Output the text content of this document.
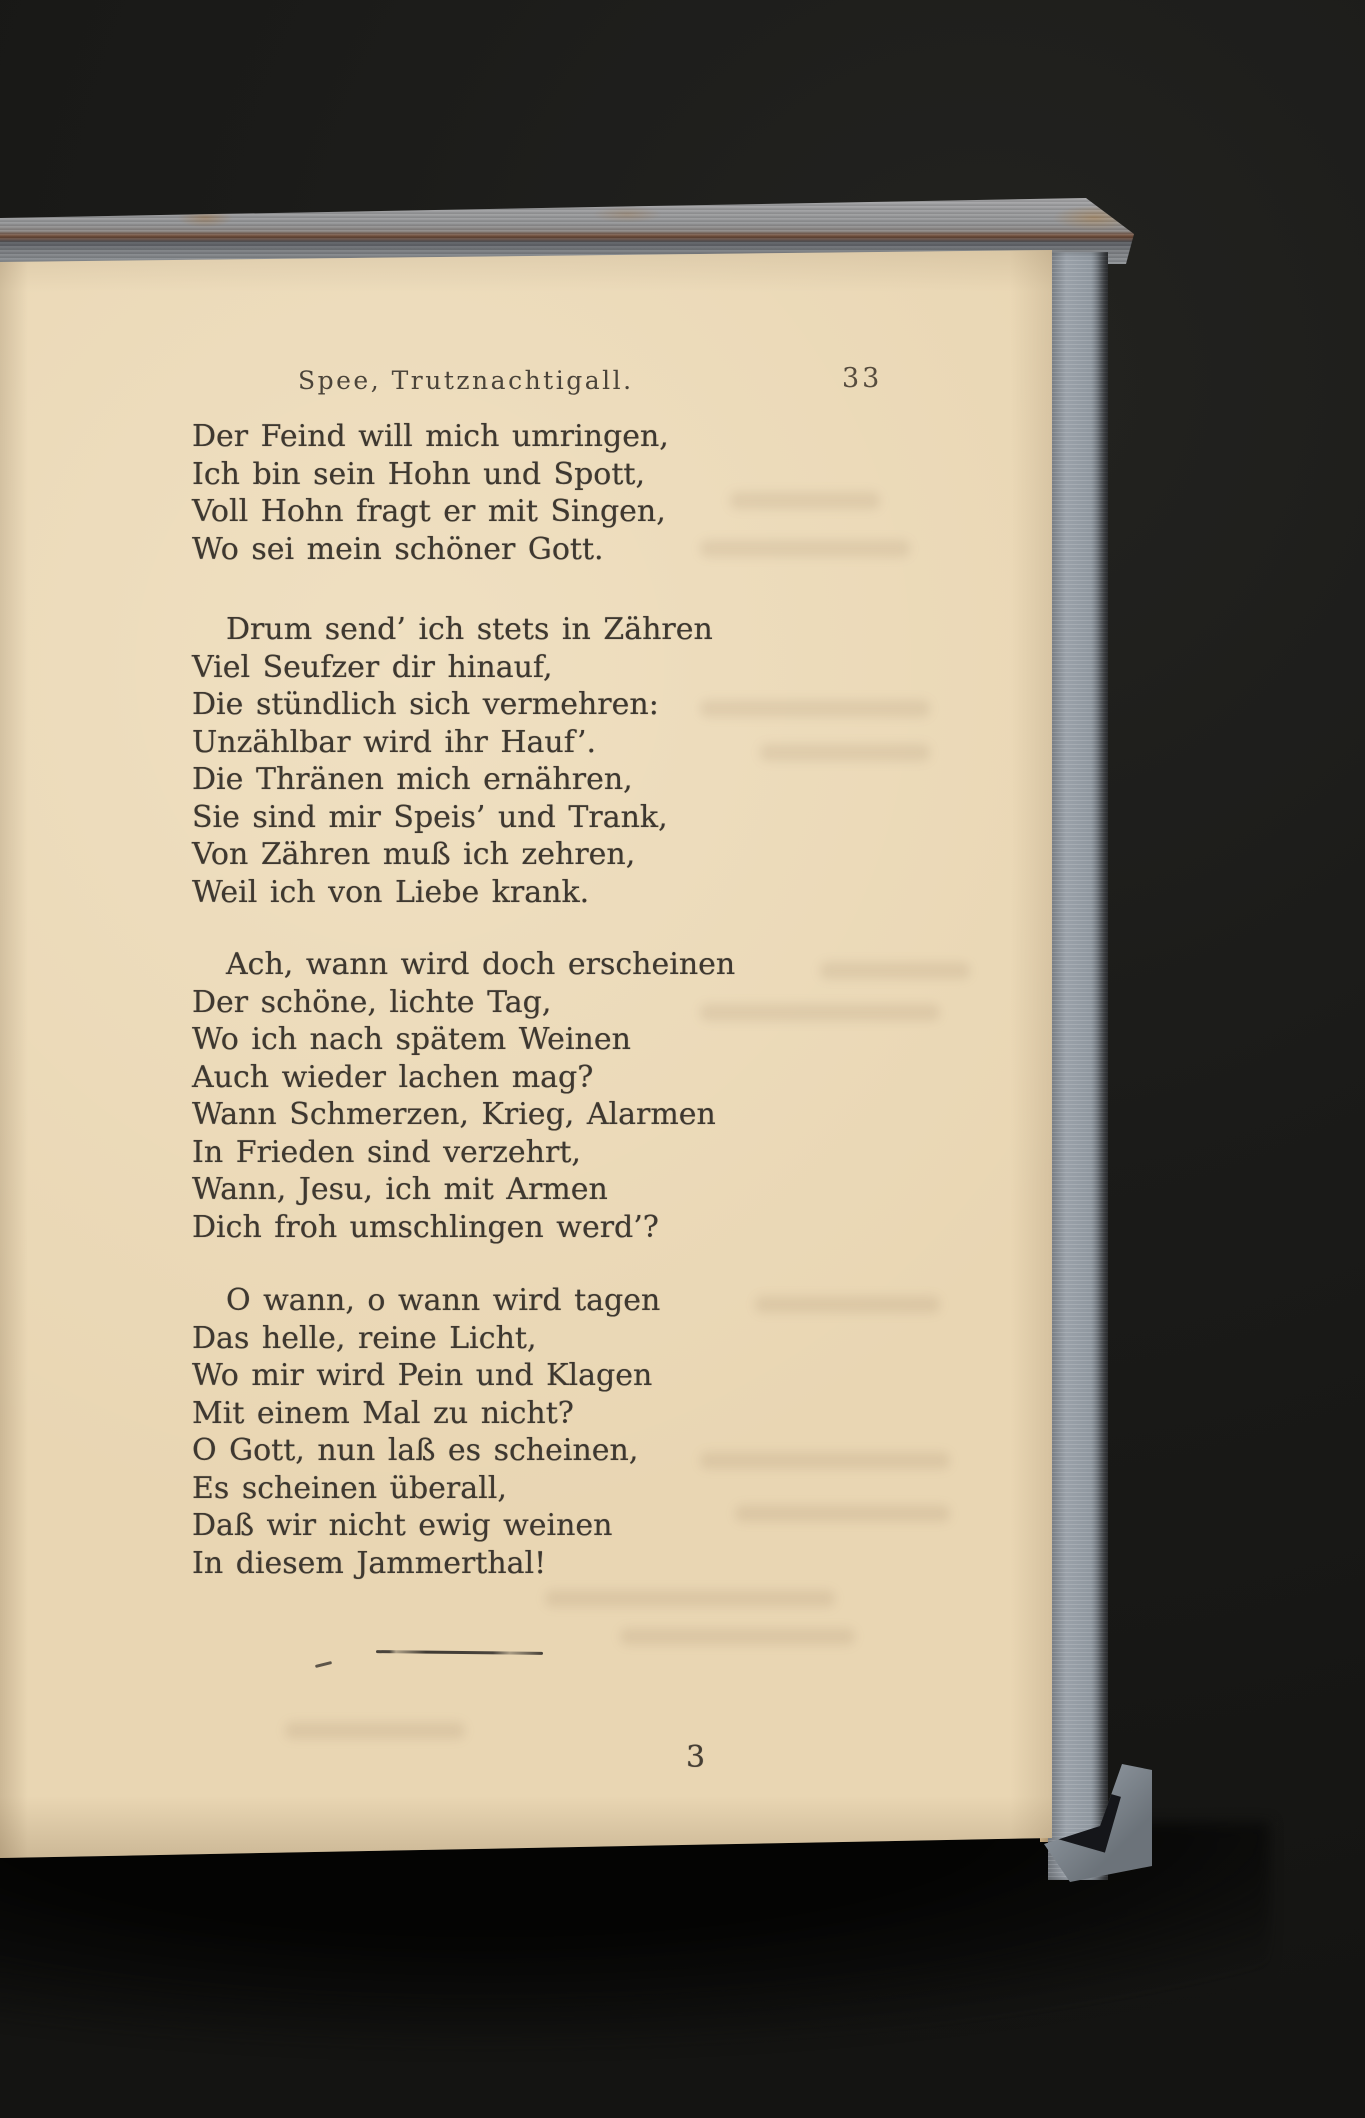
Spee, Trutznachtigall.	33
Der Feind will mich umringen,
Ich bin sein Hohn und Spott,
Voll Hohn fragt er mit Singen,
Wo sei mein schöner Gott.
Drum send’ ich stets in Zähren
Viel Seufzer dir hinauf,
Die stündlich sich vermehren:
Unzählbar wird ihr Hauf’.
Die Thränen mich ernähren,
Sie sind mir Speis’ und Trank,
Von Zähren muß ich zehren,
Weil ich von Liebe krank.
Ach, wann wird doch erscheinen
Der schöne, lichte Tag,
Wo ich nach spätem Weinen
Auch wieder lachen mag?
Wann Schmerzen, Krieg, Alarmen
In Frieden sind verzehrt,
Wann, Jesu, ich mit Armen
Dich froh umschlingen werd’?
O wann, o wann wird tagen
Das helle, reine Licht,
Wo mir wird Pein und Klagen
Mit einem Mal zu nicht?
O Gott, nun laß es scheinen,
Es scheinen überall,
Daß wir nicht ewig weinen
In diesem Jammerthal!
3
